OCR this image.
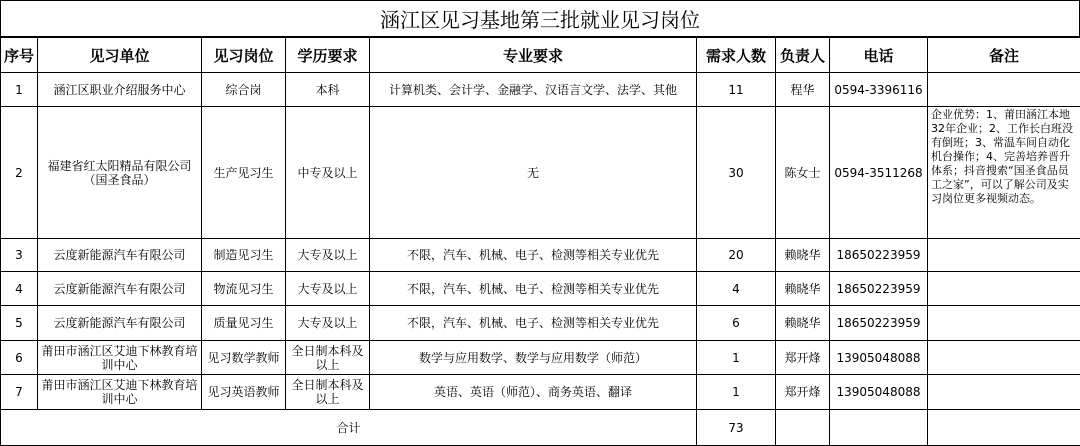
涵江区见习基地第三批就业见习岗位
序号	见习单位	见习岗位	学历要求	专业要求	需求人数	负责人	电话	备注
1	涵江区职业介绍服务中心	综合岗	本科	计算机类、会计学、金融学、汉语言文学、法学、其他	11	程华	0594-3396116	
2	福建省红太阳精品有限公司（国圣食品）	生产见习生	中专及以上	无	30	陈女士	0594-3511268	企业优势：1、莆田涵江本地32年企业；2、工作长白班没有倒班；3、常温车间自动化机台操作；4、完善培养晋升体系；抖音搜索“国圣食品员工之家”，可以了解公司及实习岗位更多视频动态。
3	云度新能源汽车有限公司	制造见习生	大专及以上	不限，汽车、机械、电子、检测等相关专业优先	20	赖晓华	18650223959	
4	云度新能源汽车有限公司	物流见习生	大专及以上	不限，汽车、机械、电子、检测等相关专业优先	4	赖晓华	18650223959	
5	云度新能源汽车有限公司	质量见习生	大专及以上	不限，汽车、机械、电子、检测等相关专业优先	6	赖晓华	18650223959	
6	莆田市涵江区艾迪下林教育培训中心	见习数学教师	全日制本科及以上	数学与应用数学、数学与应用数学（师范）	1	郑开烽	13905048088	
7	莆田市涵江区艾迪下林教育培训中心	见习英语教师	全日制本科及以上	英语、英语（师范）、商务英语、翻译	1	郑开烽	13905048088	
合计					73			
